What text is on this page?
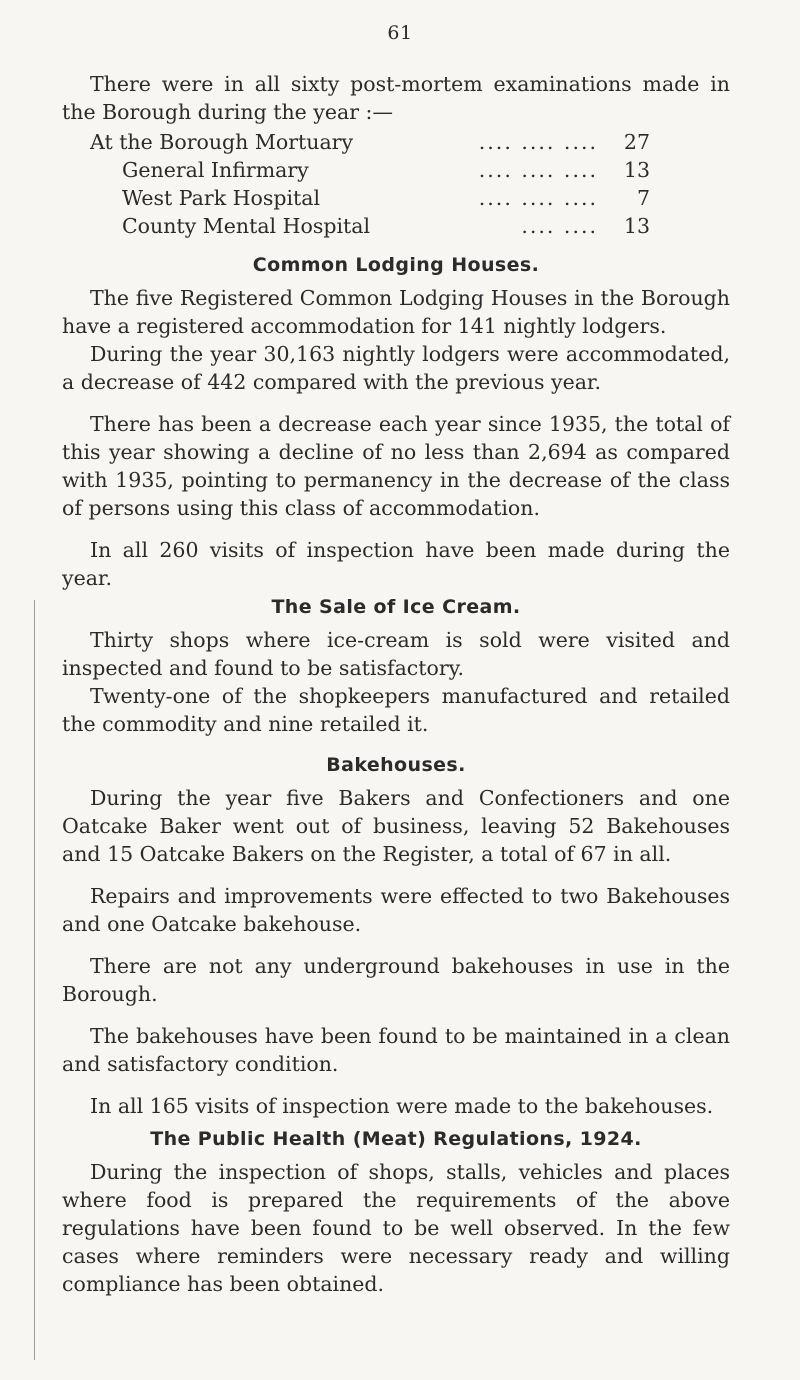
61

There were in all sixty post-mortem examinations made in the Borough during the year :—

At the Borough Mortuary	.... .... ....	27
General Infirmary	.... .... ....	13
West Park Hospital	.... .... ....	7
County Mental Hospital	.... ....	13
Common Lodging Houses.

The five Registered Common Lodging Houses in the Borough have a registered accommodation for 141 nightly lodgers.

During the year 30,163 nightly lodgers were accommodated, a decrease of 442 compared with the previous year.

There has been a decrease each year since 1935, the total of this year showing a decline of no less than 2,694 as compared with 1935, pointing to permanency in the decrease of the class of persons using this class of accommodation.

In all 260 visits of inspection have been made during the year.

The Sale of Ice Cream.

Thirty shops where ice-cream is sold were visited and inspected and found to be satisfactory.

Twenty-one of the shopkeepers manufactured and retailed the commodity and nine retailed it.

Bakehouses.

During the year five Bakers and Confectioners and one Oatcake Baker went out of business, leaving 52 Bakehouses and 15 Oatcake Bakers on the Register, a total of 67 in all.

Repairs and improvements were effected to two Bakehouses and one Oatcake bakehouse.

There are not any underground bakehouses in use in the Borough.

The bakehouses have been found to be maintained in a clean and satisfactory condition.

In all 165 visits of inspection were made to the bakehouses.

The Public Health (Meat) Regulations, 1924.

During the inspection of shops, stalls, vehicles and places where food is prepared the requirements of the above regulations have been found to be well observed. In the few cases where reminders were necessary ready and willing compliance has been obtained.
